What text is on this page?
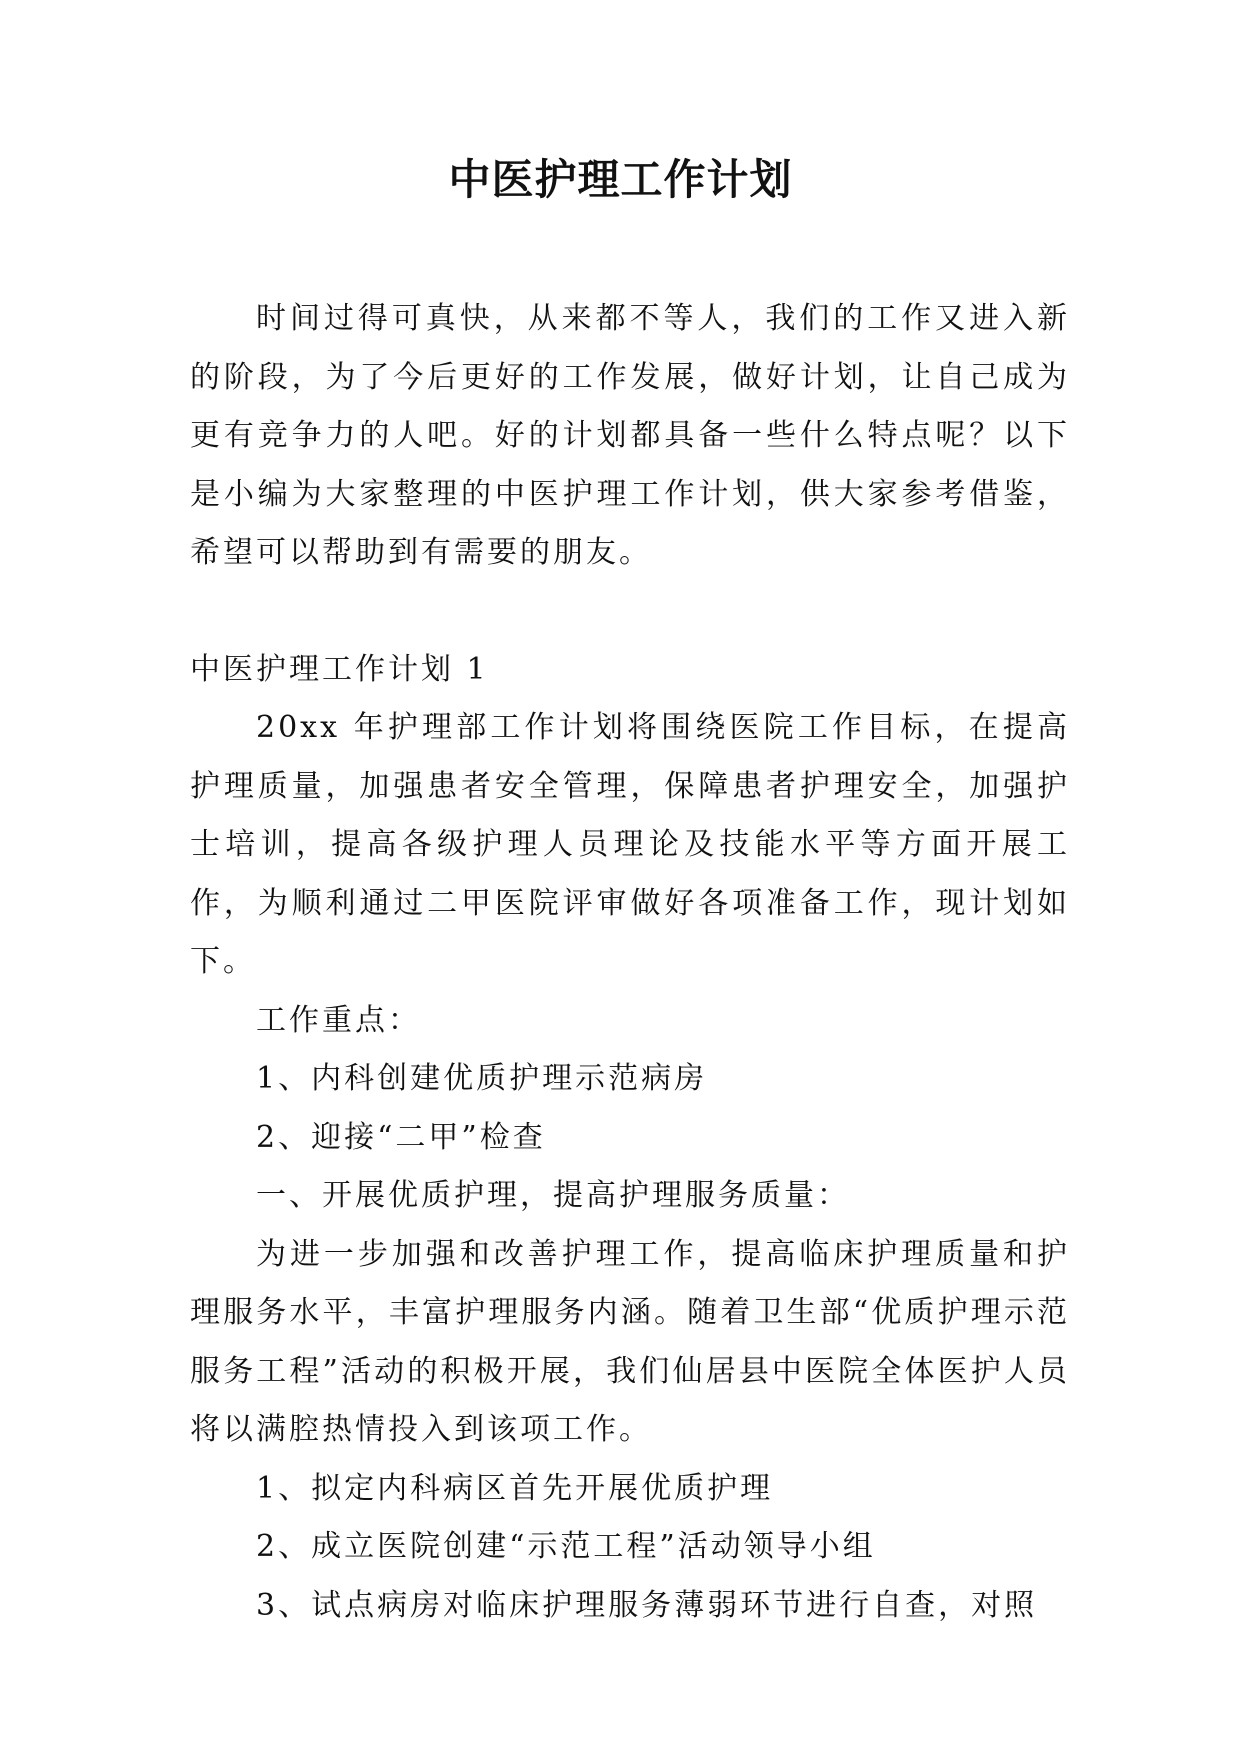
中医护理工作计划

时间过得可真快，从来都不等人，我们的工作又进入新的阶段，为了今后更好的工作发展，做好计划，让自己成为更有竞争力的人吧。好的计划都具备一些什么特点呢？以下是小编为大家整理的中医护理工作计划，供大家参考借鉴，希望可以帮助到有需要的朋友。

中医护理工作计划 1

20xx 年护理部工作计划将围绕医院工作目标，在提高护理质量，加强患者安全管理，保障患者护理安全，加强护士培训，提高各级护理人员理论及技能水平等方面开展工作，为顺利通过二甲医院评审做好各项准备工作，现计划如下。

工作重点：

1、内科创建优质护理示范病房

2、迎接“二甲”检查

一、开展优质护理，提高护理服务质量：

为进一步加强和改善护理工作，提高临床护理质量和护理服务水平，丰富护理服务内涵。随着卫生部“优质护理示范服务工程”活动的积极开展，我们仙居县中医院全体医护人员将以满腔热情投入到该项工作。

1、拟定内科病区首先开展优质护理

2、成立医院创建“示范工程”活动领导小组

3、试点病房对临床护理服务薄弱环节进行自查，对照
